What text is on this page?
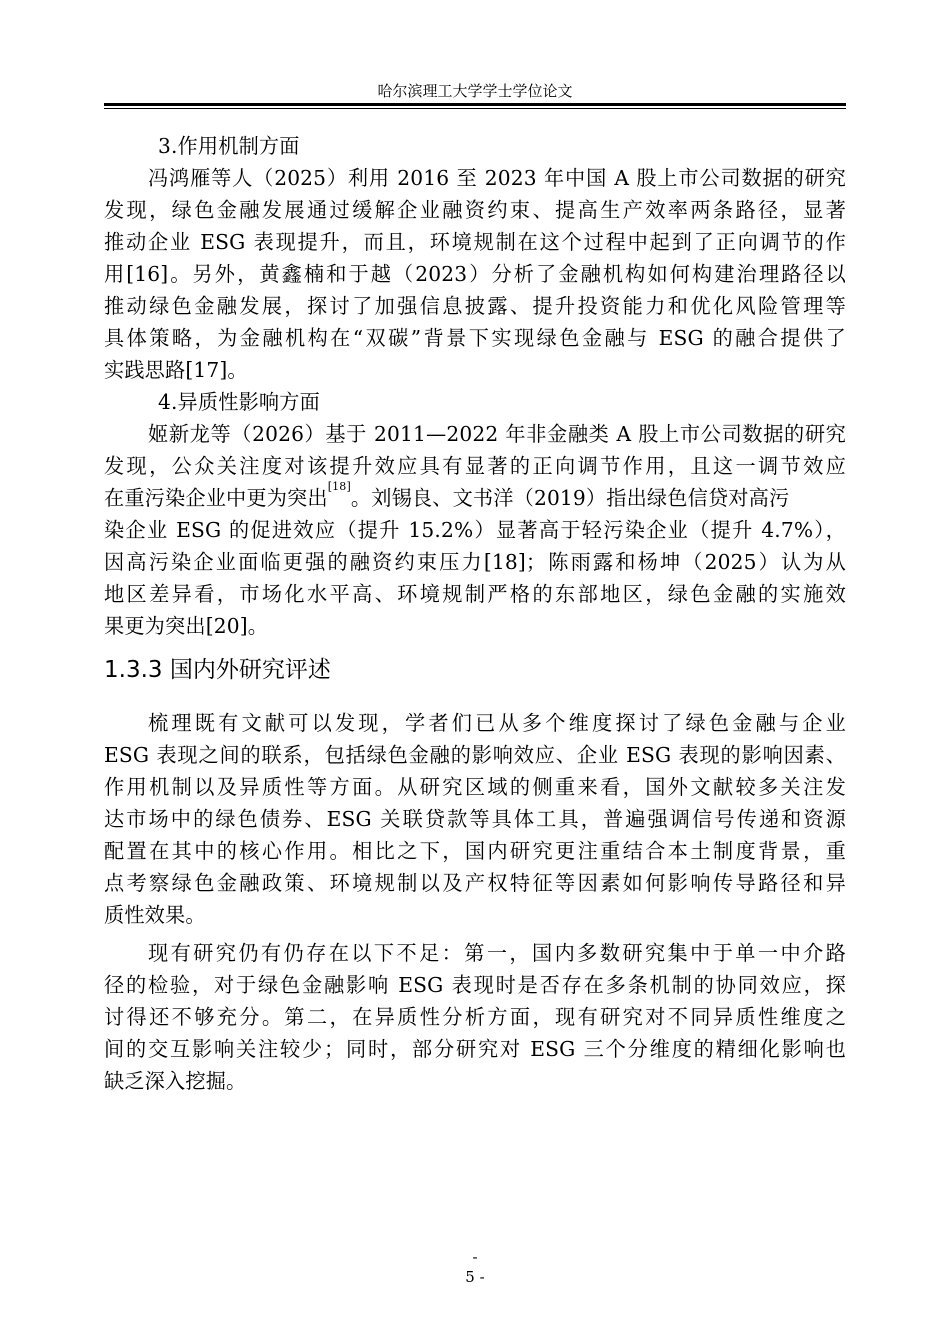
哈尔滨理工大学学士学位论文
3.作用机制方面
冯鸿雁等人（2025）利用 2016 至 2023 年中国 A 股上市公司数据的研究
发现，绿色金融发展通过缓解企业融资约束、提高生产效率两条路径，显著
推动企业 ESG 表现提升，而且，环境规制在这个过程中起到了正向调节的作
用[16]。另外，黄鑫楠和于越（2023）分析了金融机构如何构建治理路径以
推动绿色金融发展，探讨了加强信息披露、提升投资能力和优化风险管理等
具体策略，为金融机构在“双碳”背景下实现绿色金融与 ESG 的融合提供了
实践思路[17]。
4.异质性影响方面
姬新龙等（2026）基于 2011—2022 年非金融类 A 股上市公司数据的研究
发现，公众关注度对该提升效应具有显著的正向调节作用，且这一调节效应
在重污染企业中更为突出[18]。刘锡良、文书洋（2019）指出绿色信贷对高污
染企业 ESG 的促进效应（提升 15.2%）显著高于轻污染企业（提升 4.7%），
因高污染企业面临更强的融资约束压力[18]；陈雨露和杨坤（2025）认为从
地区差异看，市场化水平高、环境规制严格的东部地区，绿色金融的实施效
果更为突出[20]。
1.3.3 国内外研究评述
梳理既有文献可以发现，学者们已从多个维度探讨了绿色金融与企业
ESG 表现之间的联系，包括绿色金融的影响效应、企业 ESG 表现的影响因素、
作用机制以及异质性等方面。从研究区域的侧重来看，国外文献较多关注发
达市场中的绿色债券、ESG 关联贷款等具体工具，普遍强调信号传递和资源
配置在其中的核心作用。相比之下，国内研究更注重结合本土制度背景，重
点考察绿色金融政策、环境规制以及产权特征等因素如何影响传导路径和异
质性效果。
现有研究仍有仍存在以下不足：第一，国内多数研究集中于单一中介路
径的检验，对于绿色金融影响 ESG 表现时是否存在多条机制的协同效应，探
讨得还不够充分。第二，在异质性分析方面，现有研究对不同异质性维度之
间的交互影响关注较少；同时，部分研究对 ESG 三个分维度的精细化影响也
缺乏深入挖掘。
-
5 -
